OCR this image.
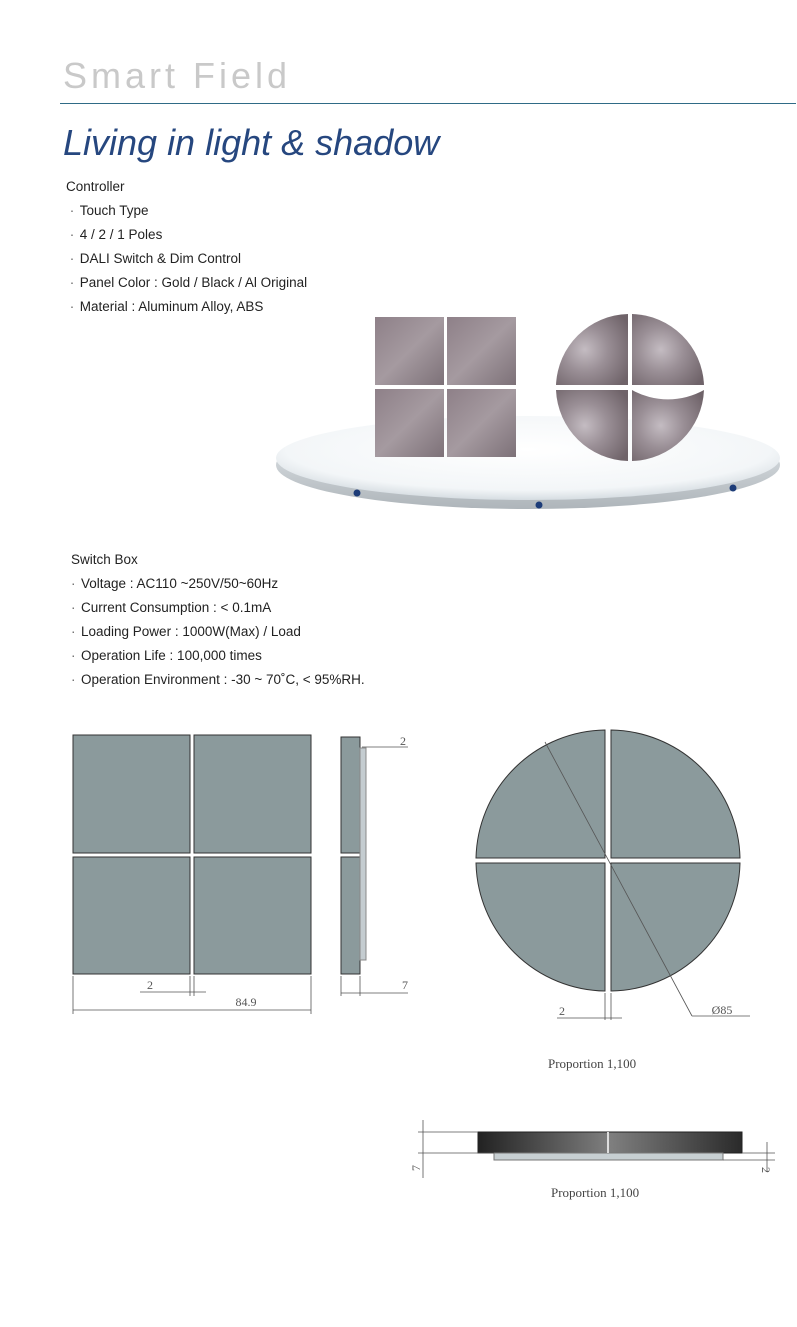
Smart Field
Living in light & shadow
Controller
· Touch Type
· 4 / 2 / 1 Poles
· DALI Switch & Dim Control
· Panel Color : Gold / Black / Al Original
· Material : Aluminum Alloy, ABS
Switch Box
· Voltage : AC110 ~250V/50~60Hz
· Current Consumption : < 0.1mA
· Loading Power : 1000W(Max) / Load
· Operation Life : 100,000 times
· Operation Environment : -30 ~ 70˚C, < 95%RH.
2
84.9
2
7
2	Ø85
7	2
Proportion 1,100
Proportion 1,100
